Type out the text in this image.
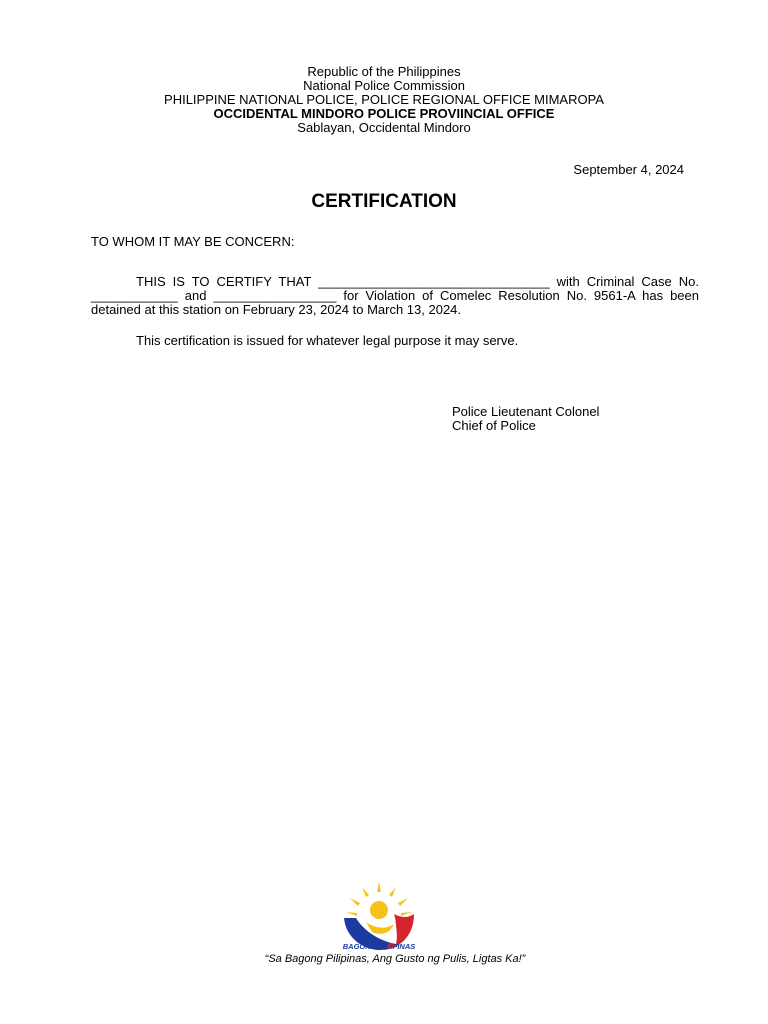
Republic of the Philippines
National Police Commission
PHILIPPINE NATIONAL POLICE, POLICE REGIONAL OFFICE MIMAROPA
OCCIDENTAL MINDORO POLICE PROVIINCIAL OFFICE
Sablayan, Occidental Mindoro
September 4, 2024
CERTIFICATION
TO WHOM IT MAY BE CONCERN:
THIS IS TO CERTIFY THAT ________________________________ with Criminal Case No. ____________ and _________________ for Violation of Comelec Resolution No. 9561-A has been detained at this station on February 23, 2024 to March 13, 2024.
This certification is issued for whatever legal purpose it may serve.
Police Lieutenant Colonel
Chief of Police
BAGONG PILIPINAS
“Sa Bagong Pilipinas, Ang Gusto ng Pulis, Ligtas Ka!”
